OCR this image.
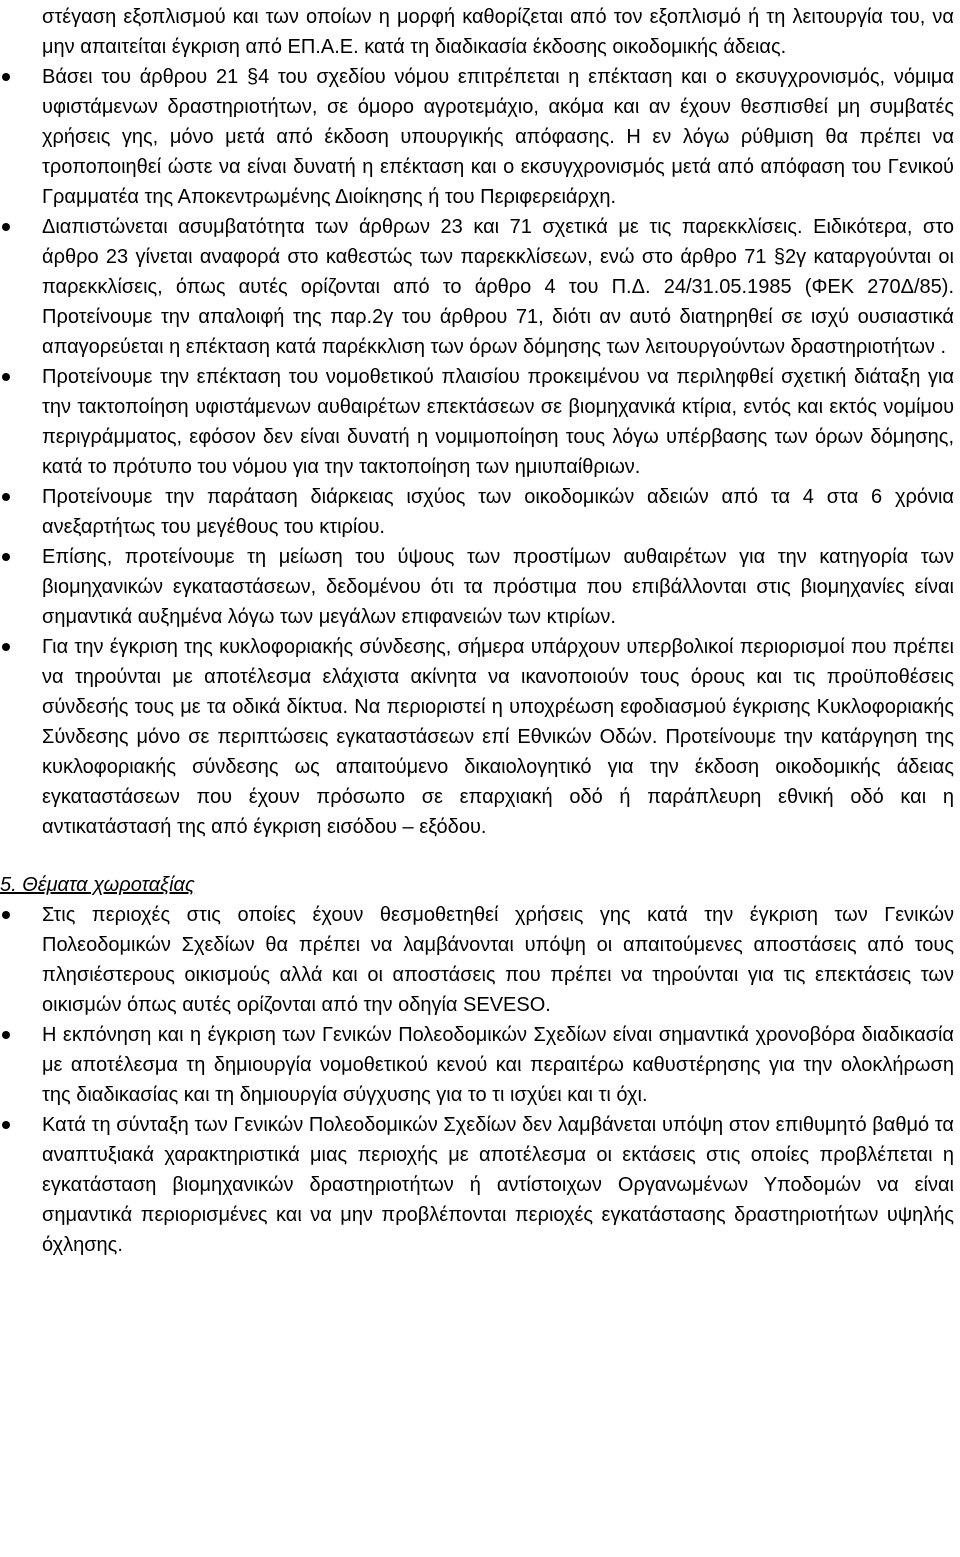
στέγαση εξοπλισμού και των οποίων η μορφή καθορίζεται από τον εξοπλισμό ή τη λειτουργία του, να μην απαιτείται έγκριση από ΕΠ.Α.Ε. κατά τη διαδικασία έκδοσης οικοδομικής άδειας.

Βάσει του άρθρου 21 §4 του σχεδίου νόμου επιτρέπεται η επέκταση και ο εκσυγχρονισμός, νόμιμα υφιστάμενων δραστηριοτήτων, σε όμορο αγροτεμάχιο, ακόμα και αν έχουν θεσπισθεί μη συμβατές χρήσεις γης, μόνο μετά από έκδοση υπουργικής απόφασης. Η εν λόγω ρύθμιση θα πρέπει να τροποποιηθεί ώστε να είναι δυνατή η επέκταση και ο εκσυγχρονισμός μετά από απόφαση του Γενικού Γραμματέα της Αποκεντρωμένης Διοίκησης ή του Περιφερειάρχη.
Διαπιστώνεται ασυμβατότητα των άρθρων 23 και 71 σχετικά με τις παρεκκλίσεις. Ειδικότερα, στο άρθρο 23 γίνεται αναφορά στο καθεστώς των παρεκκλίσεων, ενώ στο άρθρο 71 §2γ καταργούνται οι παρεκκλίσεις, όπως αυτές ορίζονται από το άρθρο 4 του Π.Δ. 24/31.05.1985 (ΦΕΚ 270Δ/85). Προτείνουμε την απαλοιφή της παρ.2γ του άρθρου 71, διότι αν αυτό διατηρηθεί σε ισχύ ουσιαστικά απαγορεύεται η επέκταση κατά παρέκκλιση των όρων δόμησης των λειτουργούντων δραστηριοτήτων .
Προτείνουμε την επέκταση του νομοθετικού πλαισίου προκειμένου να περιληφθεί σχετική διάταξη για την τακτοποίηση υφιστάμενων αυθαιρέτων επεκτάσεων σε βιομηχανικά κτίρια, εντός και εκτός νομίμου περιγράμματος, εφόσον δεν είναι δυνατή η νομιμοποίηση τους λόγω υπέρβασης των όρων δόμησης, κατά το πρότυπο του νόμου για την τακτοποίηση των ημιυπαίθριων.
Προτείνουμε την παράταση διάρκειας ισχύος των οικοδομικών αδειών από τα 4 στα 6 χρόνια ανεξαρτήτως του μεγέθους του κτιρίου.
Επίσης, προτείνουμε τη μείωση του ύψους των προστίμων αυθαιρέτων για την κατηγορία των βιομηχανικών εγκαταστάσεων, δεδομένου ότι τα πρόστιμα που επιβάλλονται στις βιομηχανίες είναι σημαντικά αυξημένα λόγω των μεγάλων επιφανειών των κτιρίων.
Για την έγκριση της κυκλοφοριακής σύνδεσης, σήμερα υπάρχουν υπερβολικοί περιορισμοί που πρέπει να τηρούνται με αποτέλεσμα ελάχιστα ακίνητα να ικανοποιούν τους όρους και τις προϋποθέσεις σύνδεσής τους με τα οδικά δίκτυα. Να περιοριστεί η υποχρέωση εφοδιασμού έγκρισης Κυκλοφοριακής Σύνδεσης μόνο σε περιπτώσεις εγκαταστάσεων επί Εθνικών Οδών. Προτείνουμε την κατάργηση της κυκλοφοριακής σύνδεσης ως απαιτούμενο δικαιολογητικό για την έκδοση οικοδομικής άδειας εγκαταστάσεων που έχουν πρόσωπο σε επαρχιακή οδό ή παράπλευρη εθνική οδό και η αντικατάστασή της από έγκριση εισόδου – εξόδου.

5. Θέματα χωροταξίας

Στις περιοχές στις οποίες έχουν θεσμοθετηθεί χρήσεις γης κατά την έγκριση των Γενικών Πολεοδομικών Σχεδίων θα πρέπει να λαμβάνονται υπόψη οι απαιτούμενες αποστάσεις από τους πλησιέστερους οικισμούς αλλά και οι αποστάσεις που πρέπει να τηρούνται για τις επεκτάσεις των οικισμών όπως αυτές ορίζονται από την οδηγία SEVESO.
Η εκπόνηση και η έγκριση των Γενικών Πολεοδομικών Σχεδίων είναι σημαντικά χρονοβόρα διαδικασία με αποτέλεσμα τη δημιουργία νομοθετικού κενού και περαιτέρω καθυστέρησης για την ολοκλήρωση της διαδικασίας και τη δημιουργία σύγχυσης για το τι ισχύει και τι όχι.
Κατά τη σύνταξη των Γενικών Πολεοδομικών Σχεδίων δεν λαμβάνεται υπόψη στον επιθυμητό βαθμό τα αναπτυξιακά χαρακτηριστικά μιας περιοχής με αποτέλεσμα οι εκτάσεις στις οποίες προβλέπεται η εγκατάσταση βιομηχανικών δραστηριοτήτων ή αντίστοιχων Οργανωμένων Υποδομών να είναι σημαντικά περιορισμένες και να μην προβλέπονται περιοχές εγκατάστασης δραστηριοτήτων υψηλής όχλησης.
